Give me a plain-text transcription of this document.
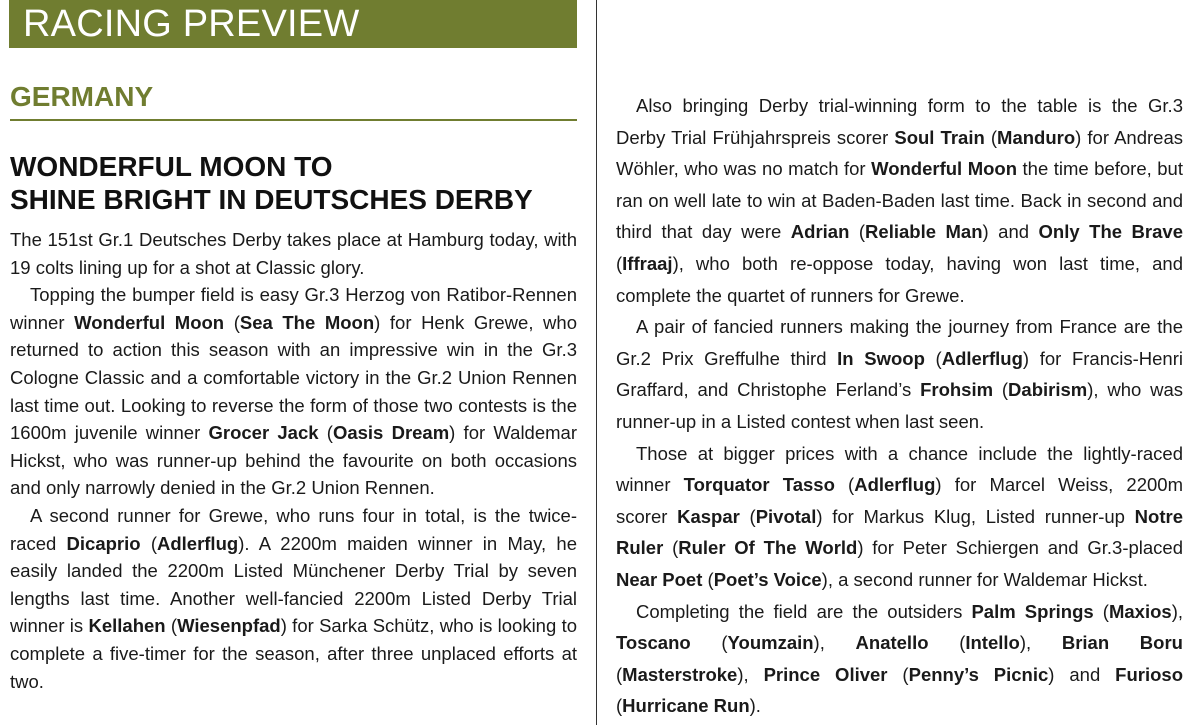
RACING PREVIEW
GERMANY
WONDERFUL MOON TO
SHINE BRIGHT IN DEUTSCHES DERBY

The 151st Gr.1 Deutsches Derby takes place at Hamburg today, with 19 colts lining up for a shot at Classic glory.

Topping the bumper field is easy Gr.3 Herzog von Ratibor-Rennen winner Wonderful Moon (Sea The Moon) for Henk Grewe, who returned to action this season with an impressive win in the Gr.3 Cologne Classic and a comfortable victory in the Gr.2 Union Rennen last time out. Looking to reverse the form of those two contests is the 1600m juvenile winner Grocer Jack (Oasis Dream) for Waldemar Hickst, who was runner-up behind the favourite on both occasions and only narrowly denied in the Gr.2 Union Rennen.

A second runner for Grewe, who runs four in total, is the twice-raced Dicaprio (Adlerflug). A 2200m maiden winner in May, he easily landed the 2200m Listed Münchener Derby Trial by seven lengths last time. Another well-fancied 2200m Listed Derby Trial winner is Kellahen (Wiesenpfad) for Sarka Schütz, who is looking to complete a five-timer for the season, after three unplaced efforts at two.

Also bringing Derby trial-winning form to the table is the Gr.3 Derby Trial Frühjahrspreis scorer Soul Train (Manduro) for Andreas Wöhler, who was no match for Wonderful Moon the time before, but ran on well late to win at Baden-Baden last time. Back in second and third that day were Adrian (Reliable Man) and Only The Brave (Iffraaj), who both re-oppose today, having won last time, and complete the quartet of runners for Grewe.

A pair of fancied runners making the journey from France are the Gr.2 Prix Greffulhe third In Swoop (Adlerflug) for Francis-Henri Graffard, and Christophe Ferland’s Frohsim (Dabirism), who was runner-up in a Listed contest when last seen.

Those at bigger prices with a chance include the lightly-raced winner Torquator Tasso (Adlerflug) for Marcel Weiss, 2200m scorer Kaspar (Pivotal) for Markus Klug, Listed runner-up Notre Ruler (Ruler Of The World) for Peter Schiergen and Gr.3-placed Near Poet (Poet’s Voice), a second runner for Waldemar Hickst.

Completing the field are the outsiders Palm Springs (Maxios), Toscano (Youmzain), Anatello (Intello), Brian Boru (Masterstroke), Prince Oliver (Penny’s Picnic) and Furioso (Hurricane Run).
